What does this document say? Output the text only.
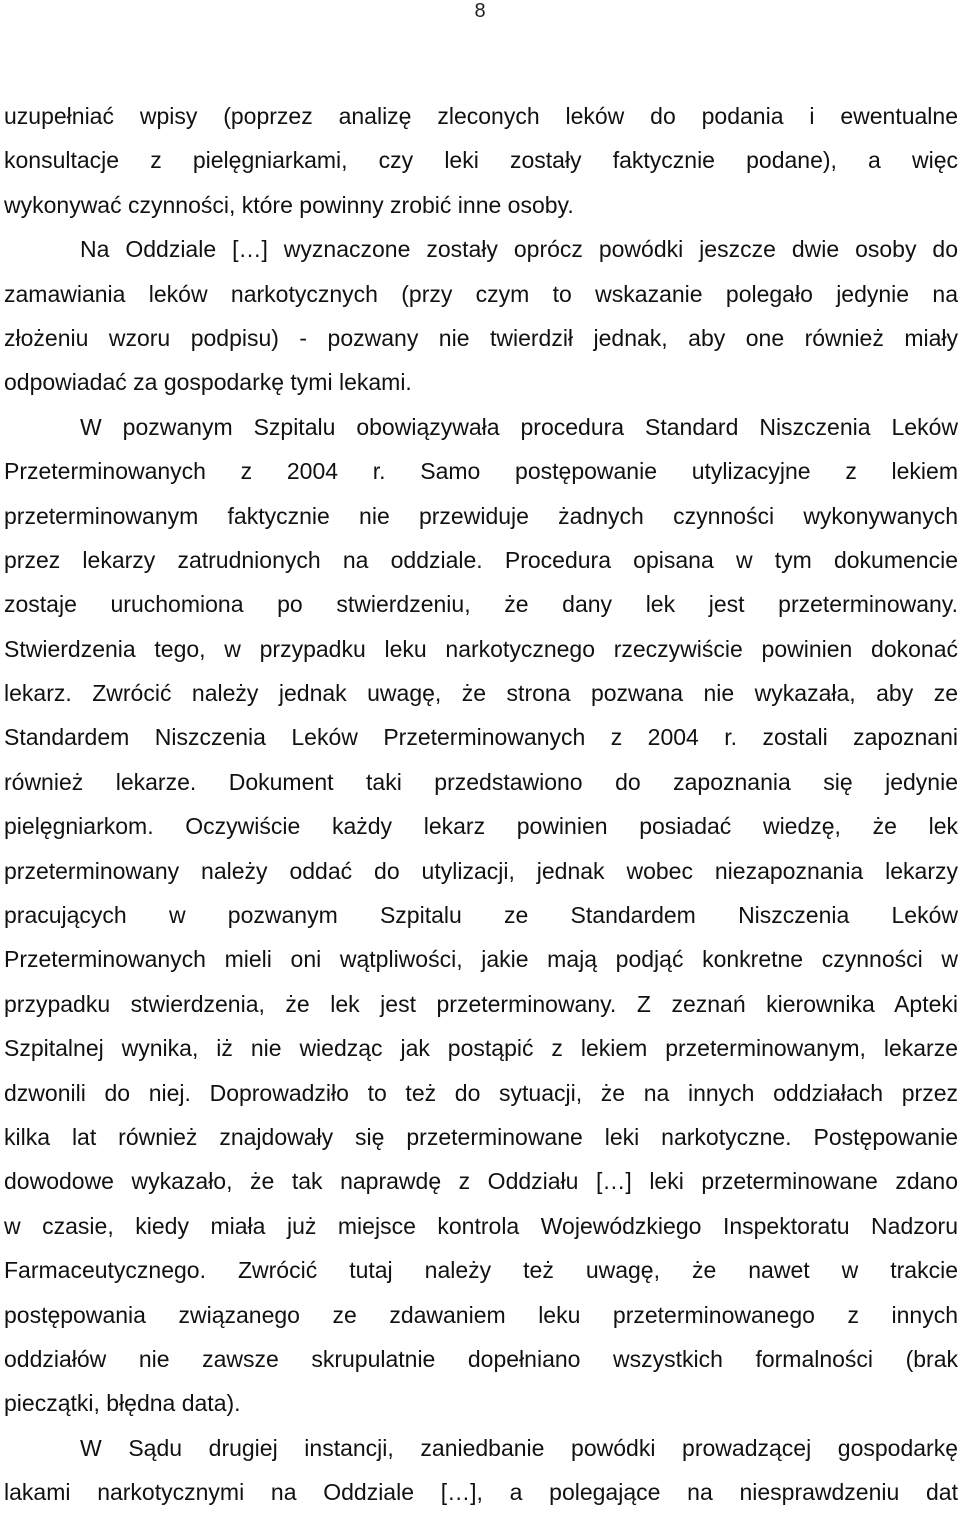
8
uzupełniać wpisy (poprzez analizę zleconych leków do podania i ewentualne
konsultacje z pielęgniarkami, czy leki zostały faktycznie podane), a więc
wykonywać czynności, które powinny zrobić inne osoby.
Na Oddziale […] wyznaczone zostały oprócz powódki jeszcze dwie osoby do
zamawiania leków narkotycznych (przy czym to wskazanie polegało jedynie na
złożeniu wzoru podpisu) - pozwany nie twierdził jednak, aby one również miały
odpowiadać za gospodarkę tymi lekami.
W pozwanym Szpitalu obowiązywała procedura Standard Niszczenia Leków
Przeterminowanych z 2004 r. Samo postępowanie utylizacyjne z lekiem
przeterminowanym faktycznie nie przewiduje żadnych czynności wykonywanych
przez lekarzy zatrudnionych na oddziale. Procedura opisana w tym dokumencie
zostaje uruchomiona po stwierdzeniu, że dany lek jest przeterminowany.
Stwierdzenia tego, w przypadku leku narkotycznego rzeczywiście powinien dokonać
lekarz. Zwrócić należy jednak uwagę, że strona pozwana nie wykazała, aby ze
Standardem Niszczenia Leków Przeterminowanych z 2004 r. zostali zapoznani
również lekarze. Dokument taki przedstawiono do zapoznania się jedynie
pielęgniarkom. Oczywiście każdy lekarz powinien posiadać wiedzę, że lek
przeterminowany należy oddać do utylizacji, jednak wobec niezapoznania lekarzy
pracujących w pozwanym Szpitalu ze Standardem Niszczenia Leków
Przeterminowanych mieli oni wątpliwości, jakie mają podjąć konkretne czynności w
przypadku stwierdzenia, że lek jest przeterminowany. Z zeznań kierownika Apteki
Szpitalnej wynika, iż nie wiedząc jak postąpić z lekiem przeterminowanym, lekarze
dzwonili do niej. Doprowadziło to też do sytuacji, że na innych oddziałach przez
kilka lat również znajdowały się przeterminowane leki narkotyczne. Postępowanie
dowodowe wykazało, że tak naprawdę z Oddziału […] leki przeterminowane zdano
w czasie, kiedy miała już miejsce kontrola Wojewódzkiego Inspektoratu Nadzoru
Farmaceutycznego. Zwrócić tutaj należy też uwagę, że nawet w trakcie
postępowania związanego ze zdawaniem leku przeterminowanego z innych
oddziałów nie zawsze skrupulatnie dopełniano wszystkich formalności (brak
pieczątki, błędna data).
W Sądu drugiej instancji, zaniedbanie powódki prowadzącej gospodarkę
lakami narkotycznymi na Oddziale […], a polegające na niesprawdzeniu dat
